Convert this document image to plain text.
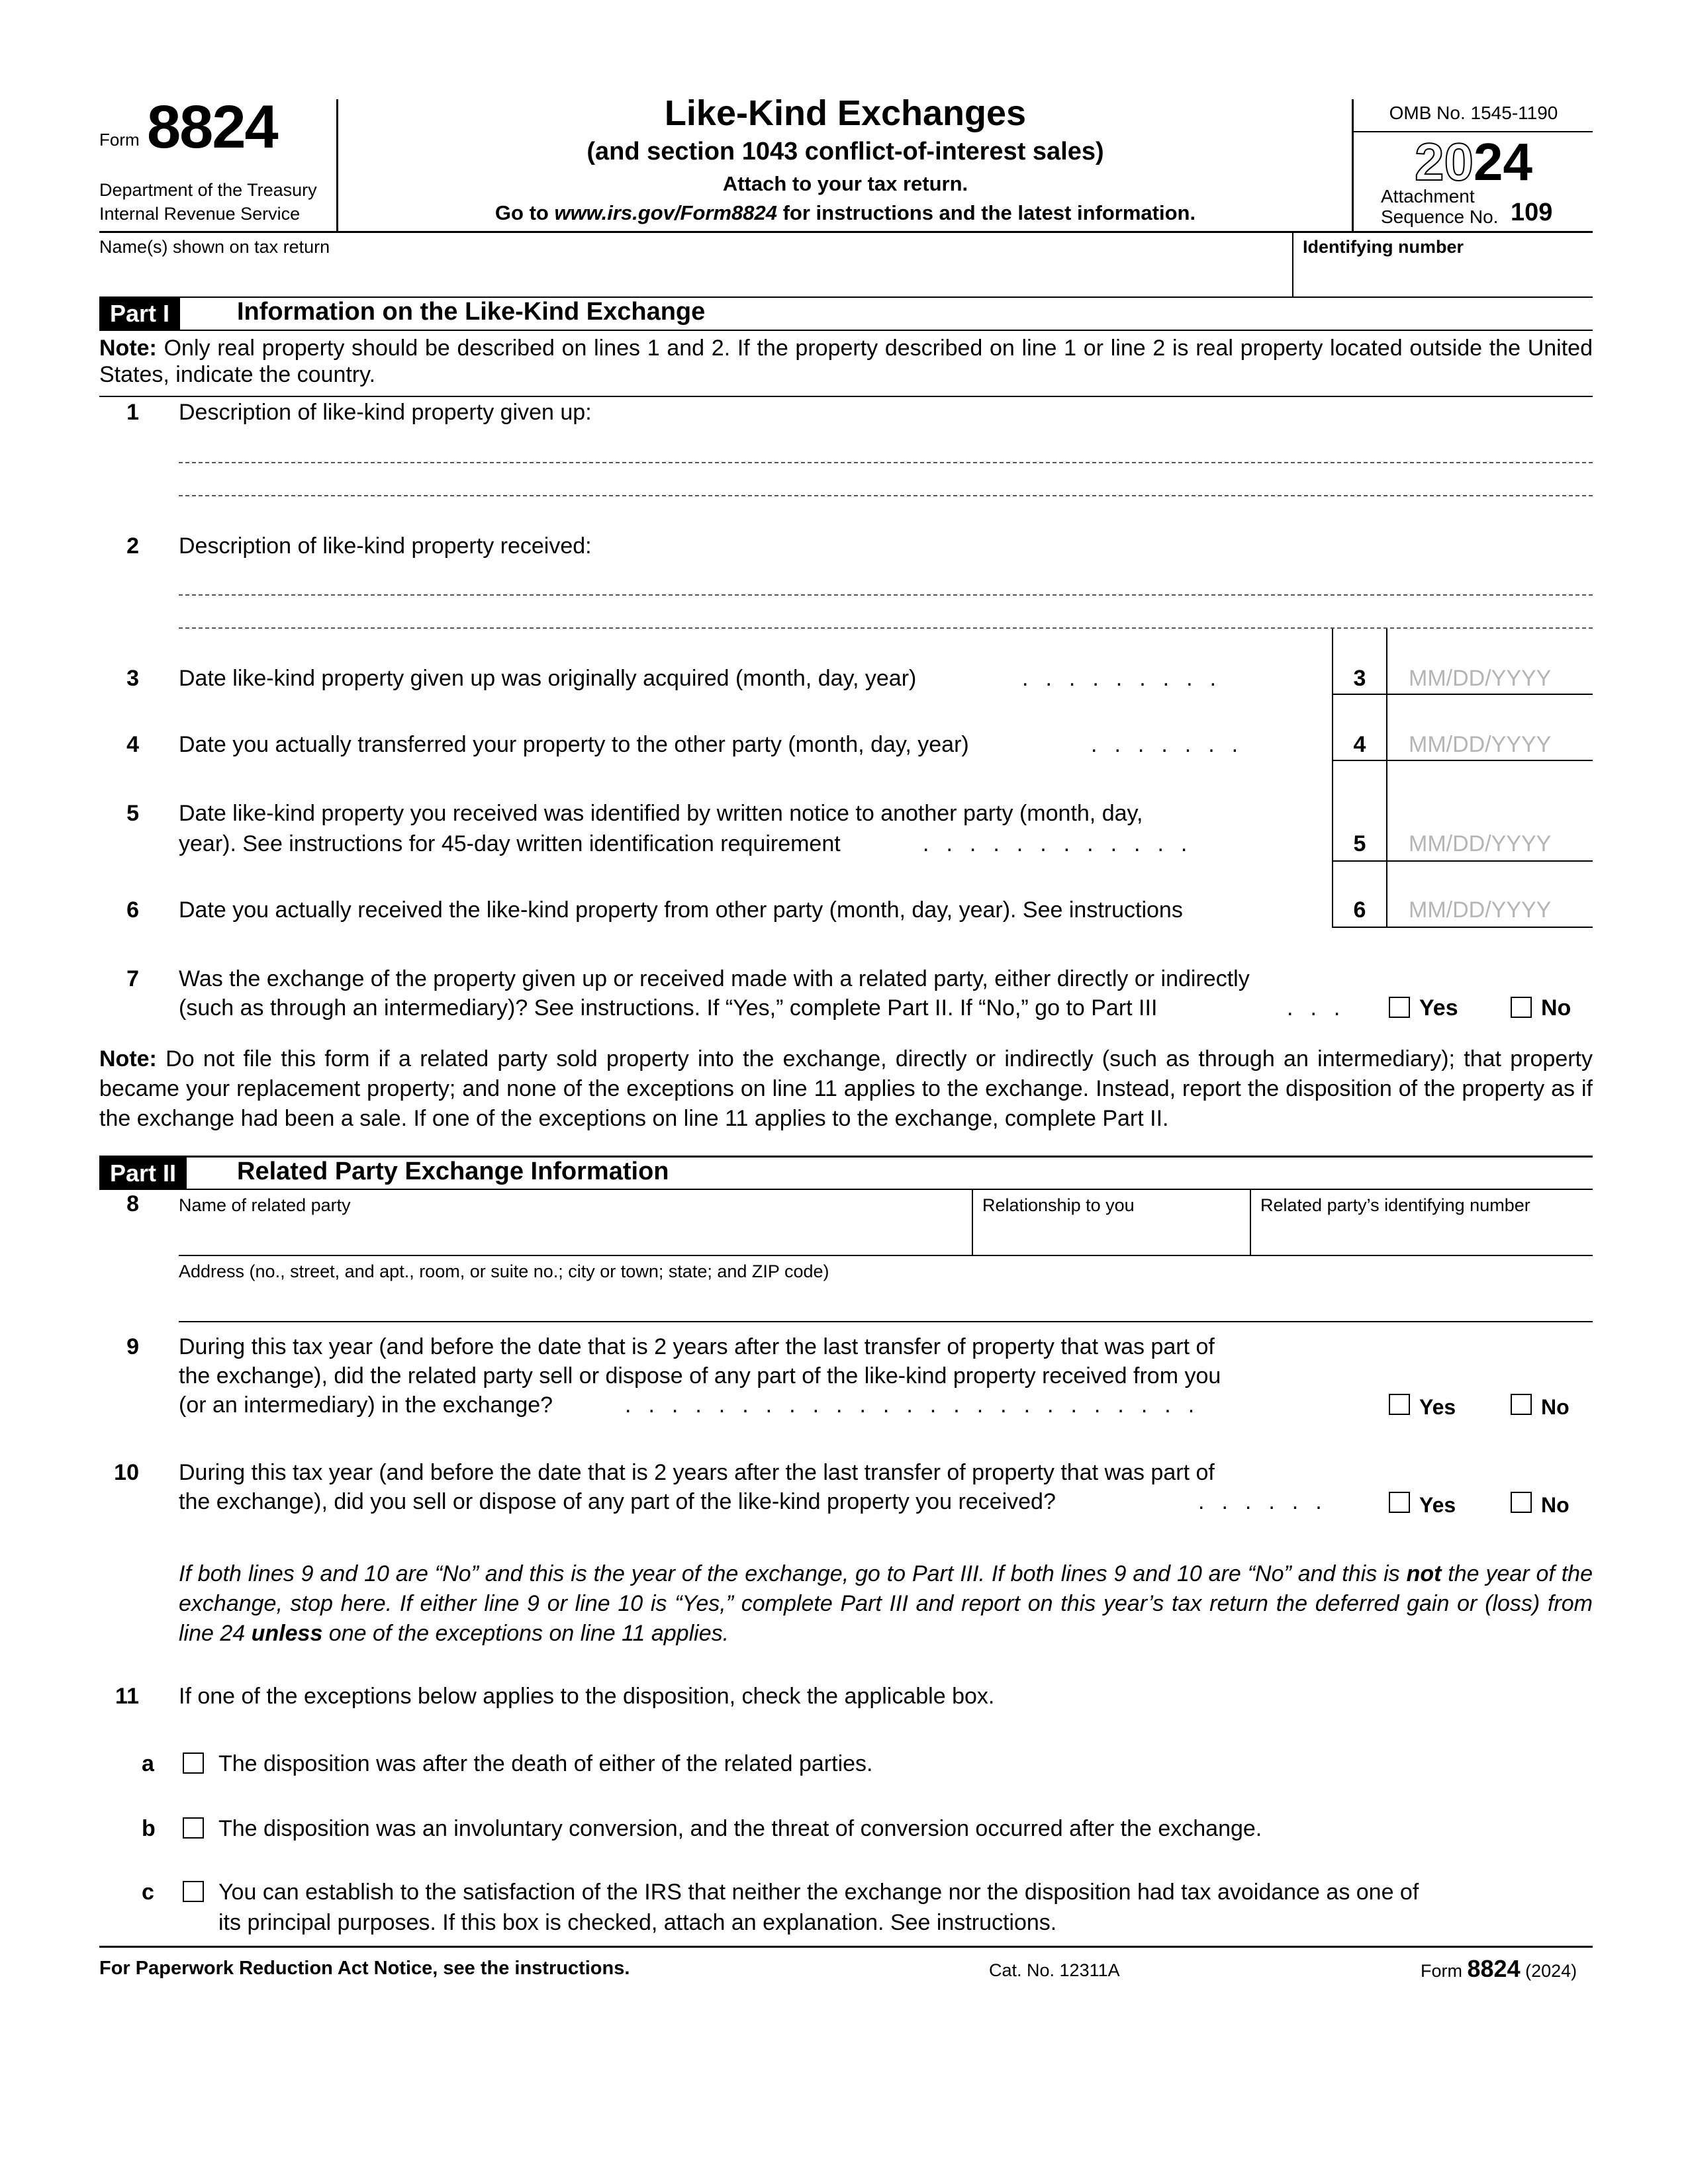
Form 8824
Department of the Treasury
Internal Revenue Service
Like-Kind Exchanges
(and section 1043 conflict-of-interest sales)
Attach to your tax return.
Go to www.irs.gov/Form8824 for instructions and the latest information.
OMB No. 1545-1190
2024
Attachment
Sequence No. 109
Name(s) shown on tax return	Identifying number
Part I	Information on the Like-Kind Exchange
Note: Only real property should be described on lines 1 and 2. If the property described on line 1 or line 2 is real property located outside the United States, indicate the country.
1 Description of like-kind property given up:
2 Description of like-kind property received:
3 Date like-kind property given up was originally acquired (month, day, year)	.........	3	MM/DD/YYYY
4 Date you actually transferred your property to the other party (month, day, year)	.......	4	MM/DD/YYYY
5 Date like-kind property you received was identified by written notice to another party (month, day,
year). See instructions for 45-day written identification requirement	............	5	MM/DD/YYYY
6 Date you actually received the like-kind property from other party (month, day, year). See instructions	6	MM/DD/YYYY
7 Was the exchange of the property given up or received made with a related party, either directly or indirectly
(such as through an intermediary)? See instructions. If “Yes,” complete Part II. If “No,” go to Part III	...	Yes	No
Note: Do not file this form if a related party sold property into the exchange, directly or indirectly (such as through an intermediary); that property became your replacement property; and none of the exceptions on line 11 applies to the exchange. Instead, report the disposition of the property as if the exchange had been a sale. If one of the exceptions on line 11 applies to the exchange, complete Part II.
Part II	Related Party Exchange Information
8 Name of related party	Relationship to you	Related party’s identifying number
Address (no., street, and apt., room, or suite no.; city or town; state; and ZIP code)
9 During this tax year (and before the date that is 2 years after the last transfer of property that was part of
the exchange), did the related party sell or dispose of any part of the like-kind property received from you
(or an intermediary) in the exchange?	.........................	Yes	No
10 During this tax year (and before the date that is 2 years after the last transfer of property that was part of
the exchange), did you sell or dispose of any part of the like-kind property you received?	......	Yes	No
If both lines 9 and 10 are “No” and this is the year of the exchange, go to Part III. If both lines 9 and 10 are “No” and this is not the year of the exchange, stop here. If either line 9 or line 10 is “Yes,” complete Part III and report on this year’s tax return the deferred gain or (loss) from line 24 unless one of the exceptions on line 11 applies.
11 If one of the exceptions below applies to the disposition, check the applicable box.
a	The disposition was after the death of either of the related parties.
b	The disposition was an involuntary conversion, and the threat of conversion occurred after the exchange.
c	You can establish to the satisfaction of the IRS that neither the exchange nor the disposition had tax avoidance as one of
its principal purposes. If this box is checked, attach an explanation. See instructions.
For Paperwork Reduction Act Notice, see the instructions.	Cat. No. 12311A	Form 8824 (2024)
